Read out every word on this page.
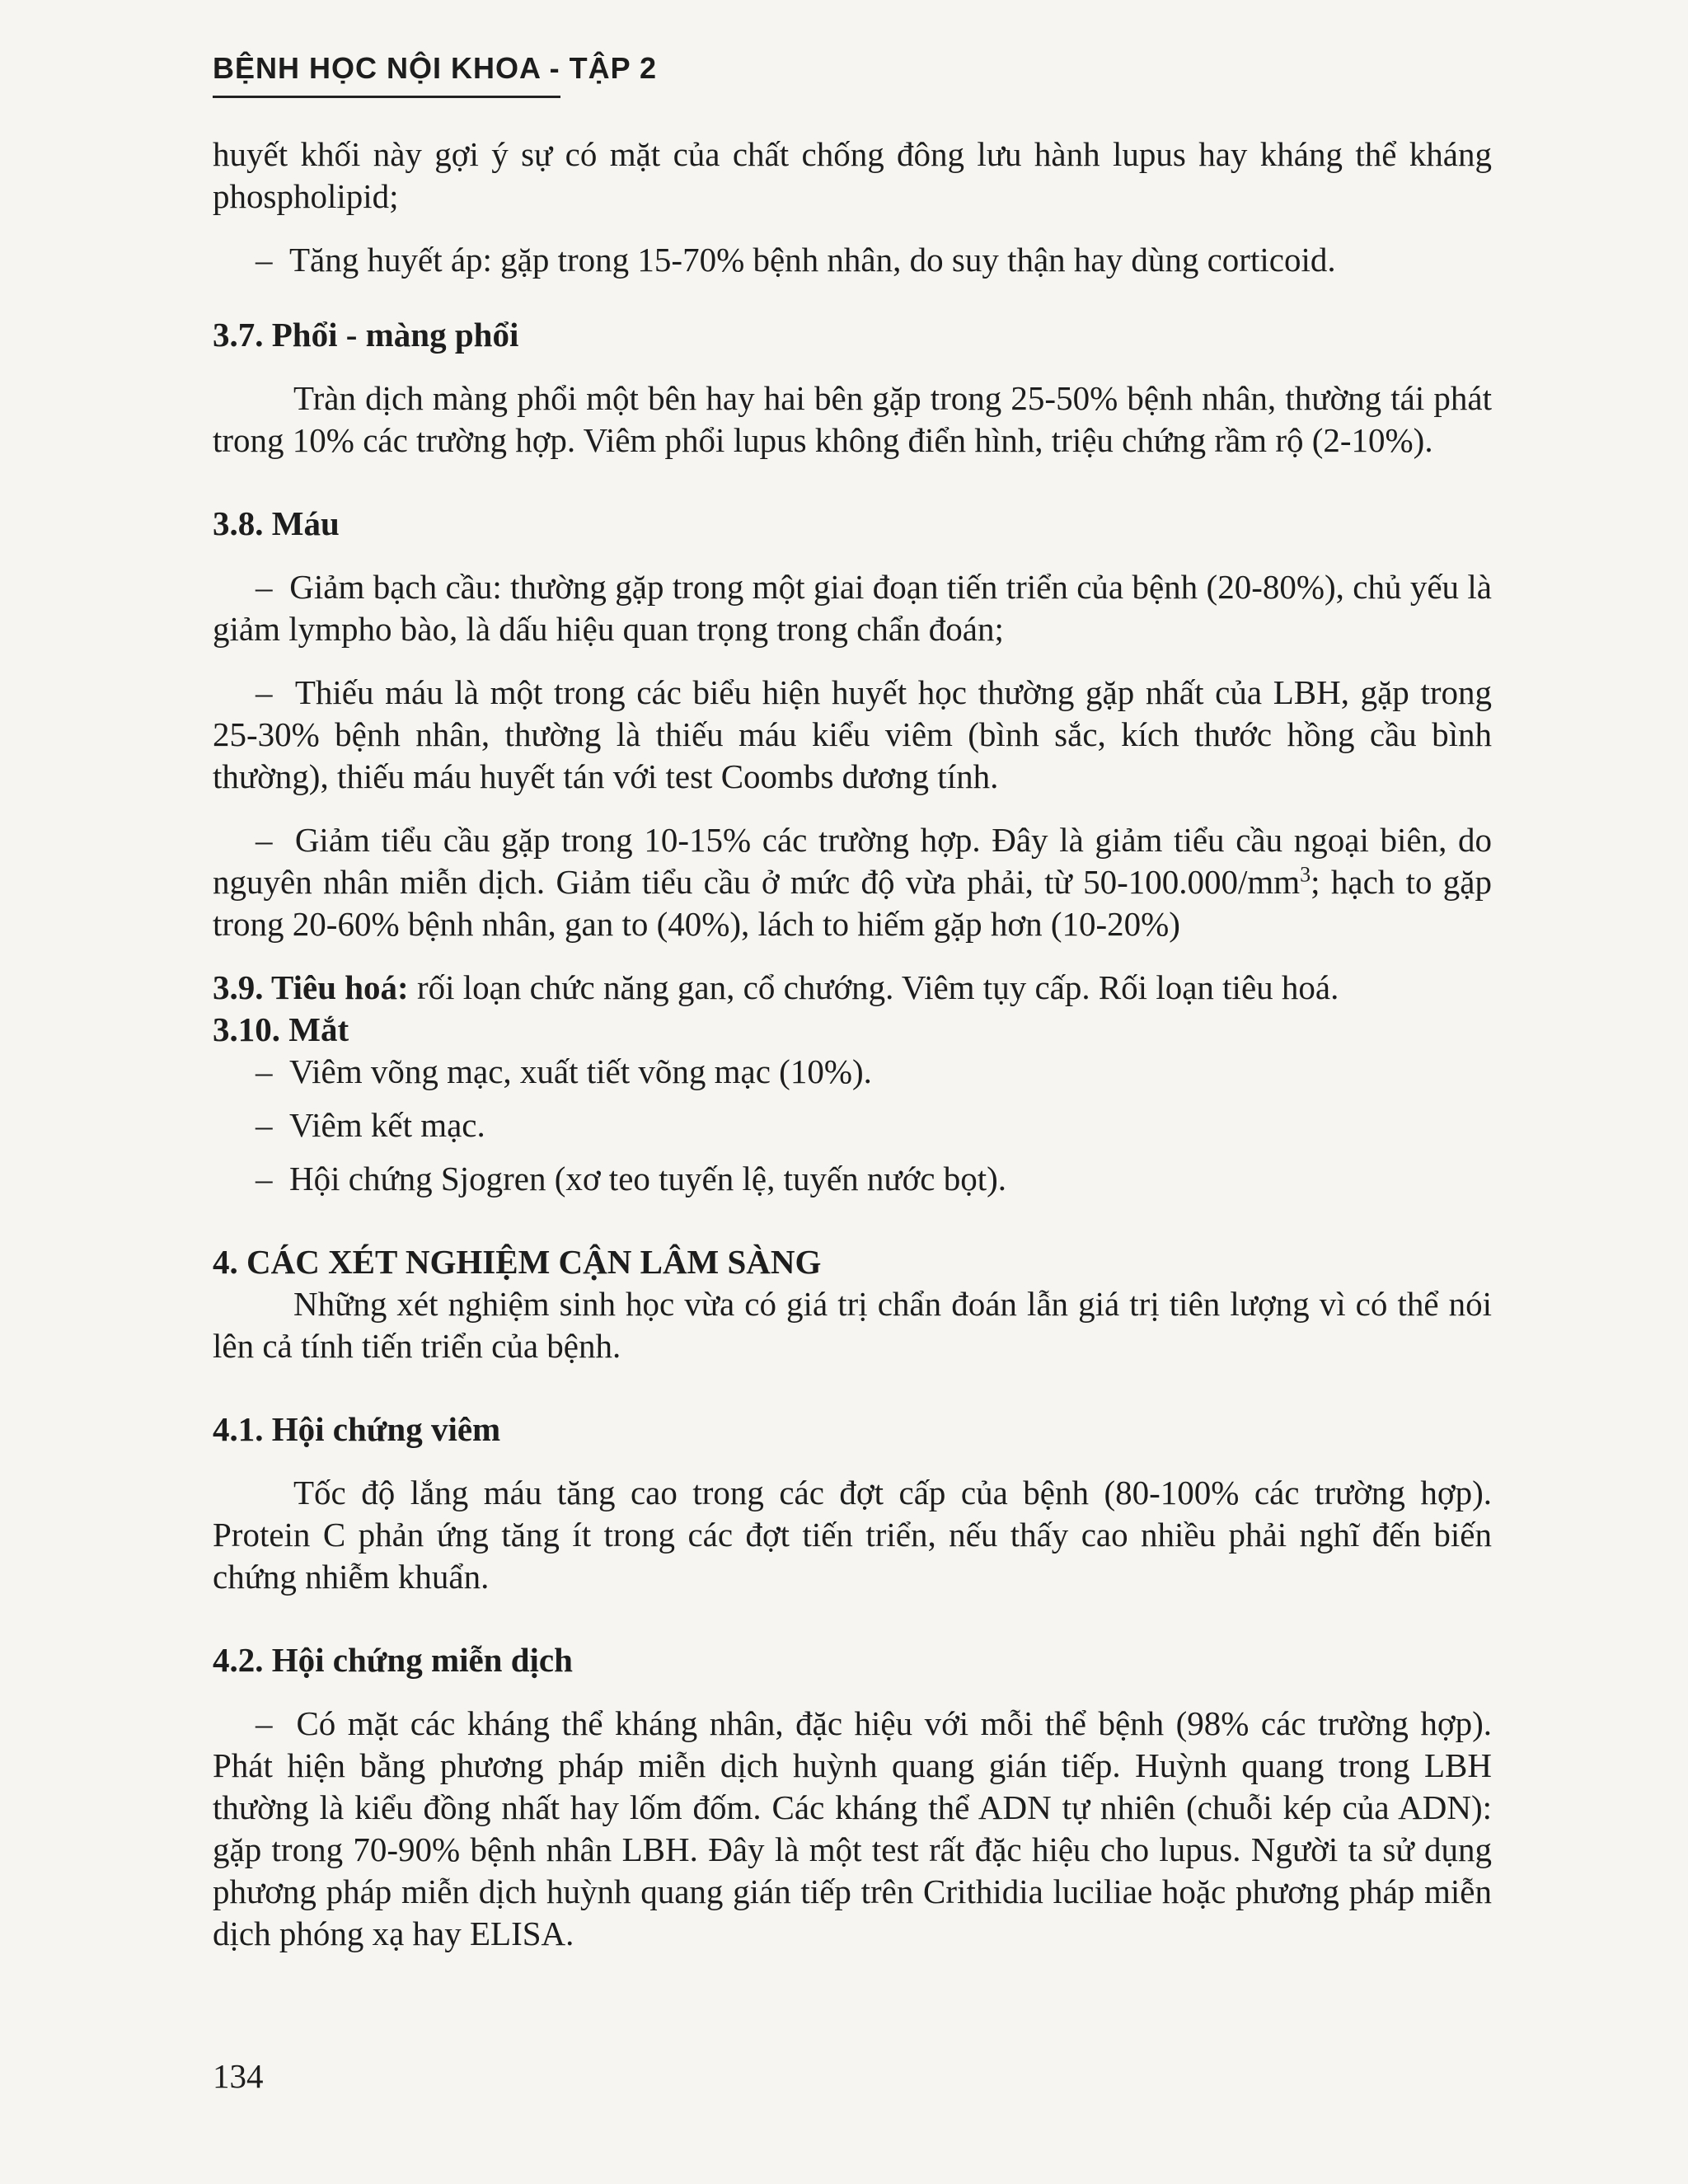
BỆNH HỌC NỘI KHOA - TẬP 2

huyết khối này gợi ý sự có mặt của chất chống đông lưu hành lupus hay kháng thể kháng phospholipid;

–  Tăng huyết áp: gặp trong 15-70% bệnh nhân, do suy thận hay dùng corticoid.

3.7. Phổi - màng phổi

Tràn dịch màng phổi một bên hay hai bên gặp trong 25-50% bệnh nhân, thường tái phát trong 10% các trường hợp. Viêm phổi lupus không điển hình, triệu chứng rầm rộ (2-10%).

3.8. Máu

–  Giảm bạch cầu: thường gặp trong một giai đoạn tiến triển của bệnh (20-80%), chủ yếu là giảm lympho bào, là dấu hiệu quan trọng trong chẩn đoán;

–  Thiếu máu là một trong các biểu hiện huyết học thường gặp nhất của LBH, gặp trong 25-30% bệnh nhân, thường là thiếu máu kiểu viêm (bình sắc, kích thước hồng cầu bình thường), thiếu máu huyết tán với test Coombs dương tính.

–  Giảm tiểu cầu gặp trong 10-15% các trường hợp. Đây là giảm tiểu cầu ngoại biên, do nguyên nhân miễn dịch. Giảm tiểu cầu ở mức độ vừa phải, từ $50-100.000/mm^3$; hạch to gặp trong 20-60% bệnh nhân, gan to (40%), lách to hiếm gặp hơn (10-20%)

3.9. Tiêu hoá: rối loạn chức năng gan, cổ chướng. Viêm tụy cấp. Rối loạn tiêu hoá.

3.10. Mắt

–  Viêm võng mạc, xuất tiết võng mạc (10%).

–  Viêm kết mạc.

–  Hội chứng Sjogren (xơ teo tuyến lệ, tuyến nước bọt).

4. CÁC XÉT NGHIỆM CẬN LÂM SÀNG

Những xét nghiệm sinh học vừa có giá trị chẩn đoán lẫn giá trị tiên lượng vì có thể nói lên cả tính tiến triển của bệnh.

4.1. Hội chứng viêm

Tốc độ lắng máu tăng cao trong các đợt cấp của bệnh (80-100% các trường hợp). Protein C phản ứng tăng ít trong các đợt tiến triển, nếu thấy cao nhiều phải nghĩ đến biến chứng nhiễm khuẩn.

4.2. Hội chứng miễn dịch

–  Có mặt các kháng thể kháng nhân, đặc hiệu với mỗi thể bệnh (98% các trường hợp). Phát hiện bằng phương pháp miễn dịch huỳnh quang gián tiếp. Huỳnh quang trong LBH thường là kiểu đồng nhất hay lốm đốm. Các kháng thể ADN tự nhiên (chuỗi kép của ADN): gặp trong 70-90% bệnh nhân LBH. Đây là một test rất đặc hiệu cho lupus. Người ta sử dụng phương pháp miễn dịch huỳnh quang gián tiếp trên Crithidia luciliae hoặc phương pháp miễn dịch phóng xạ hay ELISA.

134
